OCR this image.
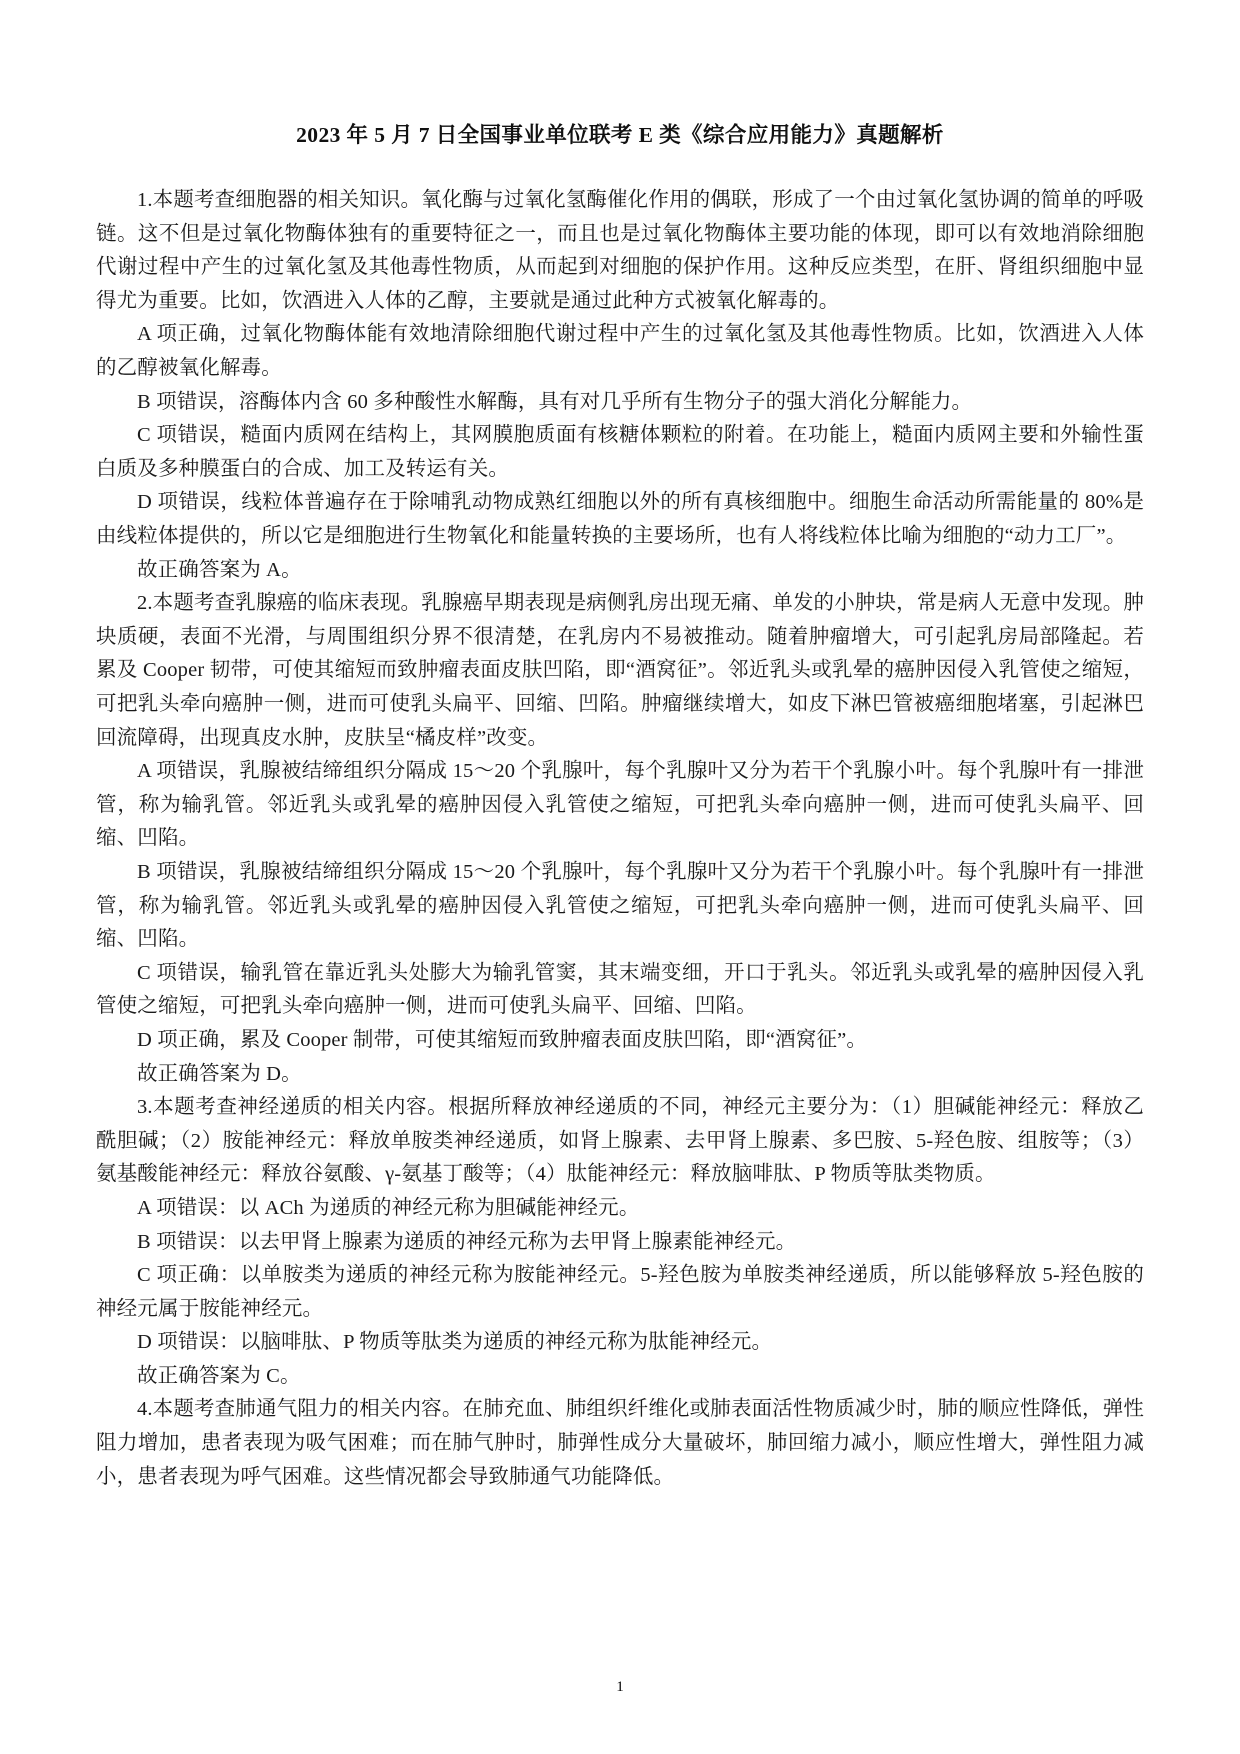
2023 年 5 月 7 日全国事业单位联考 E 类《综合应用能力》真题解析

1.本题考查细胞器的相关知识。氧化酶与过氧化氢酶催化作用的偶联，形成了一个由过氧化氢协调的简单的呼吸链。这不但是过氧化物酶体独有的重要特征之一，而且也是过氧化物酶体主要功能的体现，即可以有效地消除细胞代谢过程中产生的过氧化氢及其他毒性物质，从而起到对细胞的保护作用。这种反应类型，在肝、肾组织细胞中显得尤为重要。比如，饮酒进入人体的乙醇，主要就是通过此种方式被氧化解毒的。

A 项正确，过氧化物酶体能有效地清除细胞代谢过程中产生的过氧化氢及其他毒性物质。比如，饮酒进入人体的乙醇被氧化解毒。

B 项错误，溶酶体内含 60 多种酸性水解酶，具有对几乎所有生物分子的强大消化分解能力。

C 项错误，糙面内质网在结构上，其网膜胞质面有核糖体颗粒的附着。在功能上，糙面内质网主要和外输性蛋白质及多种膜蛋白的合成、加工及转运有关。

D 项错误，线粒体普遍存在于除哺乳动物成熟红细胞以外的所有真核细胞中。细胞生命活动所需能量的 80%是由线粒体提供的，所以它是细胞进行生物氧化和能量转换的主要场所，也有人将线粒体比喻为细胞的“动力工厂”。

故正确答案为 A。

2.本题考查乳腺癌的临床表现。乳腺癌早期表现是病侧乳房出现无痛、单发的小肿块，常是病人无意中发现。肿块质硬，表面不光滑，与周围组织分界不很清楚，在乳房内不易被推动。随着肿瘤增大，可引起乳房局部隆起。若累及 Cooper 韧带，可使其缩短而致肿瘤表面皮肤凹陷，即“酒窝征”。邻近乳头或乳晕的癌肿因侵入乳管使之缩短，可把乳头牵向癌肿一侧，进而可使乳头扁平、回缩、凹陷。肿瘤继续增大，如皮下淋巴管被癌细胞堵塞，引起淋巴回流障碍，出现真皮水肿，皮肤呈“橘皮样”改变。

A 项错误，乳腺被结缔组织分隔成 15～20 个乳腺叶，每个乳腺叶又分为若干个乳腺小叶。每个乳腺叶有一排泄管，称为输乳管。邻近乳头或乳晕的癌肿因侵入乳管使之缩短，可把乳头牵向癌肿一侧，进而可使乳头扁平、回缩、凹陷。

B 项错误，乳腺被结缔组织分隔成 15～20 个乳腺叶，每个乳腺叶又分为若干个乳腺小叶。每个乳腺叶有一排泄管，称为输乳管。邻近乳头或乳晕的癌肿因侵入乳管使之缩短，可把乳头牵向癌肿一侧，进而可使乳头扁平、回缩、凹陷。

C 项错误，输乳管在靠近乳头处膨大为输乳管窦，其末端变细，开口于乳头。邻近乳头或乳晕的癌肿因侵入乳管使之缩短，可把乳头牵向癌肿一侧，进而可使乳头扁平、回缩、凹陷。

D 项正确，累及 Cooper 制带，可使其缩短而致肿瘤表面皮肤凹陷，即“酒窝征”。

故正确答案为 D。

3.本题考查神经递质的相关内容。根据所释放神经递质的不同，神经元主要分为：（1）胆碱能神经元：释放乙酰胆碱；（2）胺能神经元：释放单胺类神经递质，如肾上腺素、去甲肾上腺素、多巴胺、5-羟色胺、组胺等；（3）氨基酸能神经元：释放谷氨酸、γ-氨基丁酸等；（4）肽能神经元：释放脑啡肽、P 物质等肽类物质。

A 项错误：以 ACh 为递质的神经元称为胆碱能神经元。

B 项错误：以去甲肾上腺素为递质的神经元称为去甲肾上腺素能神经元。

C 项正确：以单胺类为递质的神经元称为胺能神经元。5-羟色胺为单胺类神经递质，所以能够释放 5-羟色胺的神经元属于胺能神经元。

D 项错误：以脑啡肽、P 物质等肽类为递质的神经元称为肽能神经元。

故正确答案为 C。

4.本题考查肺通气阻力的相关内容。在肺充血、肺组织纤维化或肺表面活性物质减少时，肺的顺应性降低，弹性阻力增加，患者表现为吸气困难；而在肺气肿时，肺弹性成分大量破坏，肺回缩力减小，顺应性增大，弹性阻力减小，患者表现为呼气困难。这些情况都会导致肺通气功能降低。

1
